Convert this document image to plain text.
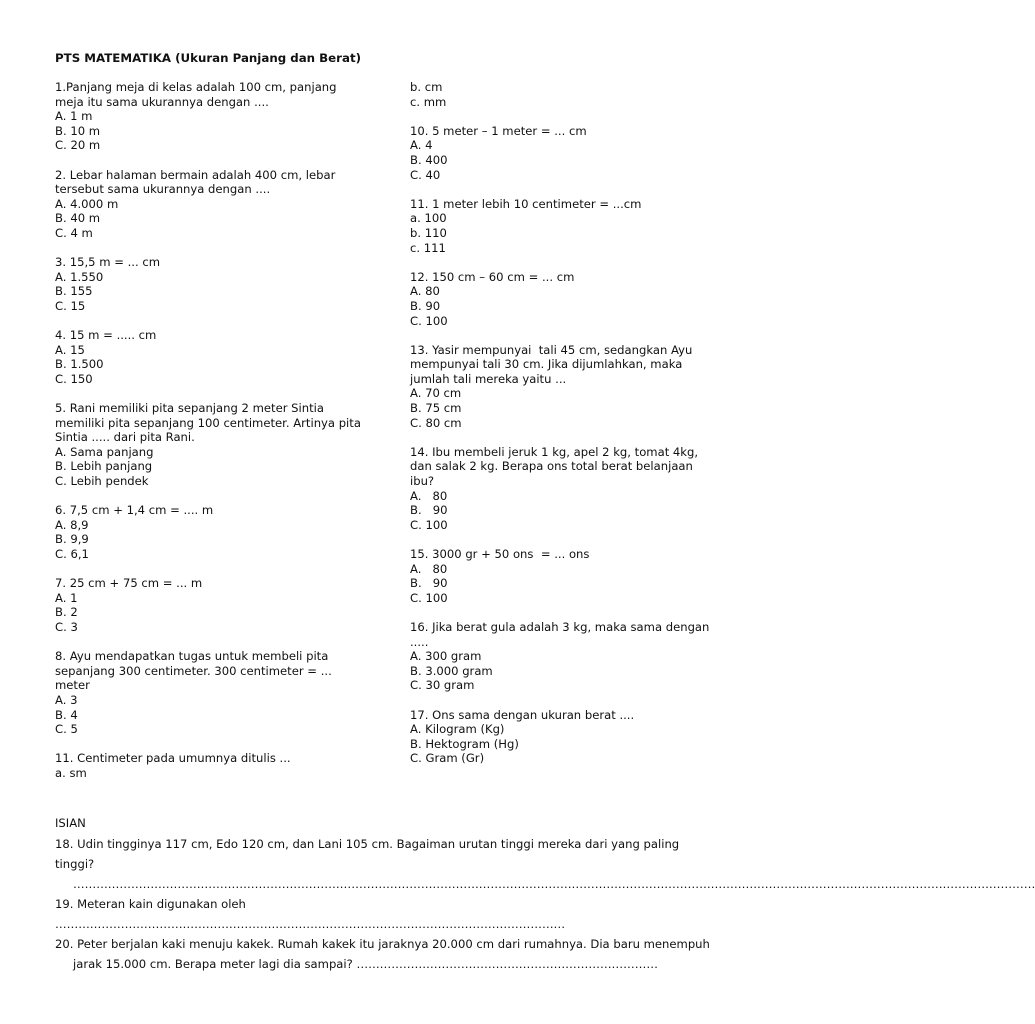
PTS MATEMATIKA (Ukuran Panjang dan Berat)
1.Panjang meja di kelas adalah 100 cm, panjang
meja itu sama ukurannya dengan ....
A. 1 m
B. 10 m
C. 20 m
2. Lebar halaman bermain adalah 400 cm, lebar
tersebut sama ukurannya dengan ....
A. 4.000 m
B. 40 m
C. 4 m
3. 15,5 m = ... cm
A. 1.550
B. 155
C. 15
4. 15 m = ..... cm
A. 15
B. 1.500
C. 150
5. Rani memiliki pita sepanjang 2 meter Sintia
memiliki pita sepanjang 100 centimeter. Artinya pita
Sintia ..... dari pita Rani.
A. Sama panjang
B. Lebih panjang
C. Lebih pendek
6. 7,5 cm + 1,4 cm = .... m
A. 8,9
B. 9,9
C. 6,1
7. 25 cm + 75 cm = ... m
A. 1
B. 2
C. 3
8. Ayu mendapatkan tugas untuk membeli pita
sepanjang 300 centimeter. 300 centimeter = ...
meter
A. 3
B. 4
C. 5
11. Centimeter pada umumnya ditulis ...
a. sm
b. cm
c. mm
10. 5 meter – 1 meter = ... cm
A. 4
B. 400
C. 40
11. 1 meter lebih 10 centimeter = ...cm
a. 100
b. 110
c. 111
12. 150 cm – 60 cm = ... cm
A. 80
B. 90
C. 100
13. Yasir mempunyai  tali 45 cm, sedangkan Ayu
mempunyai tali 30 cm. Jika dijumlahkan, maka
jumlah tali mereka yaitu ...
A. 70 cm
B. 75 cm
C. 80 cm
14. Ibu membeli jeruk 1 kg, apel 2 kg, tomat 4kg,
dan salak 2 kg. Berapa ons total berat belanjaan
ibu?
A.   80
B.   90
C. 100
15. 3000 gr + 50 ons  = ... ons
A.   80
B.   90
C. 100
16. Jika berat gula adalah 3 kg, maka sama dengan
.....
A. 300 gram
B. 3.000 gram
C. 30 gram
17. Ons sama dengan ukuran berat ....
A. Kilogram (Kg)
B. Hektogram (Hg)
C. Gram (Gr)
ISIAN
18. Udin tingginya 117 cm, Edo 120 cm, dan Lani 105 cm. Bagaiman urutan tinggi mereka dari yang paling
tinggi?
……………………………………………………………………………………………………………………………………………………………………………………………………………………………
19. Meteran kain digunakan oleh ……………………………………………………………………………………………………………………
20. Peter berjalan kaki menuju kakek. Rumah kakek itu jaraknya 20.000 cm dari rumahnya. Dia baru menempuh
jarak 15.000 cm. Berapa meter lagi dia sampai? ……………………………………………………………………
